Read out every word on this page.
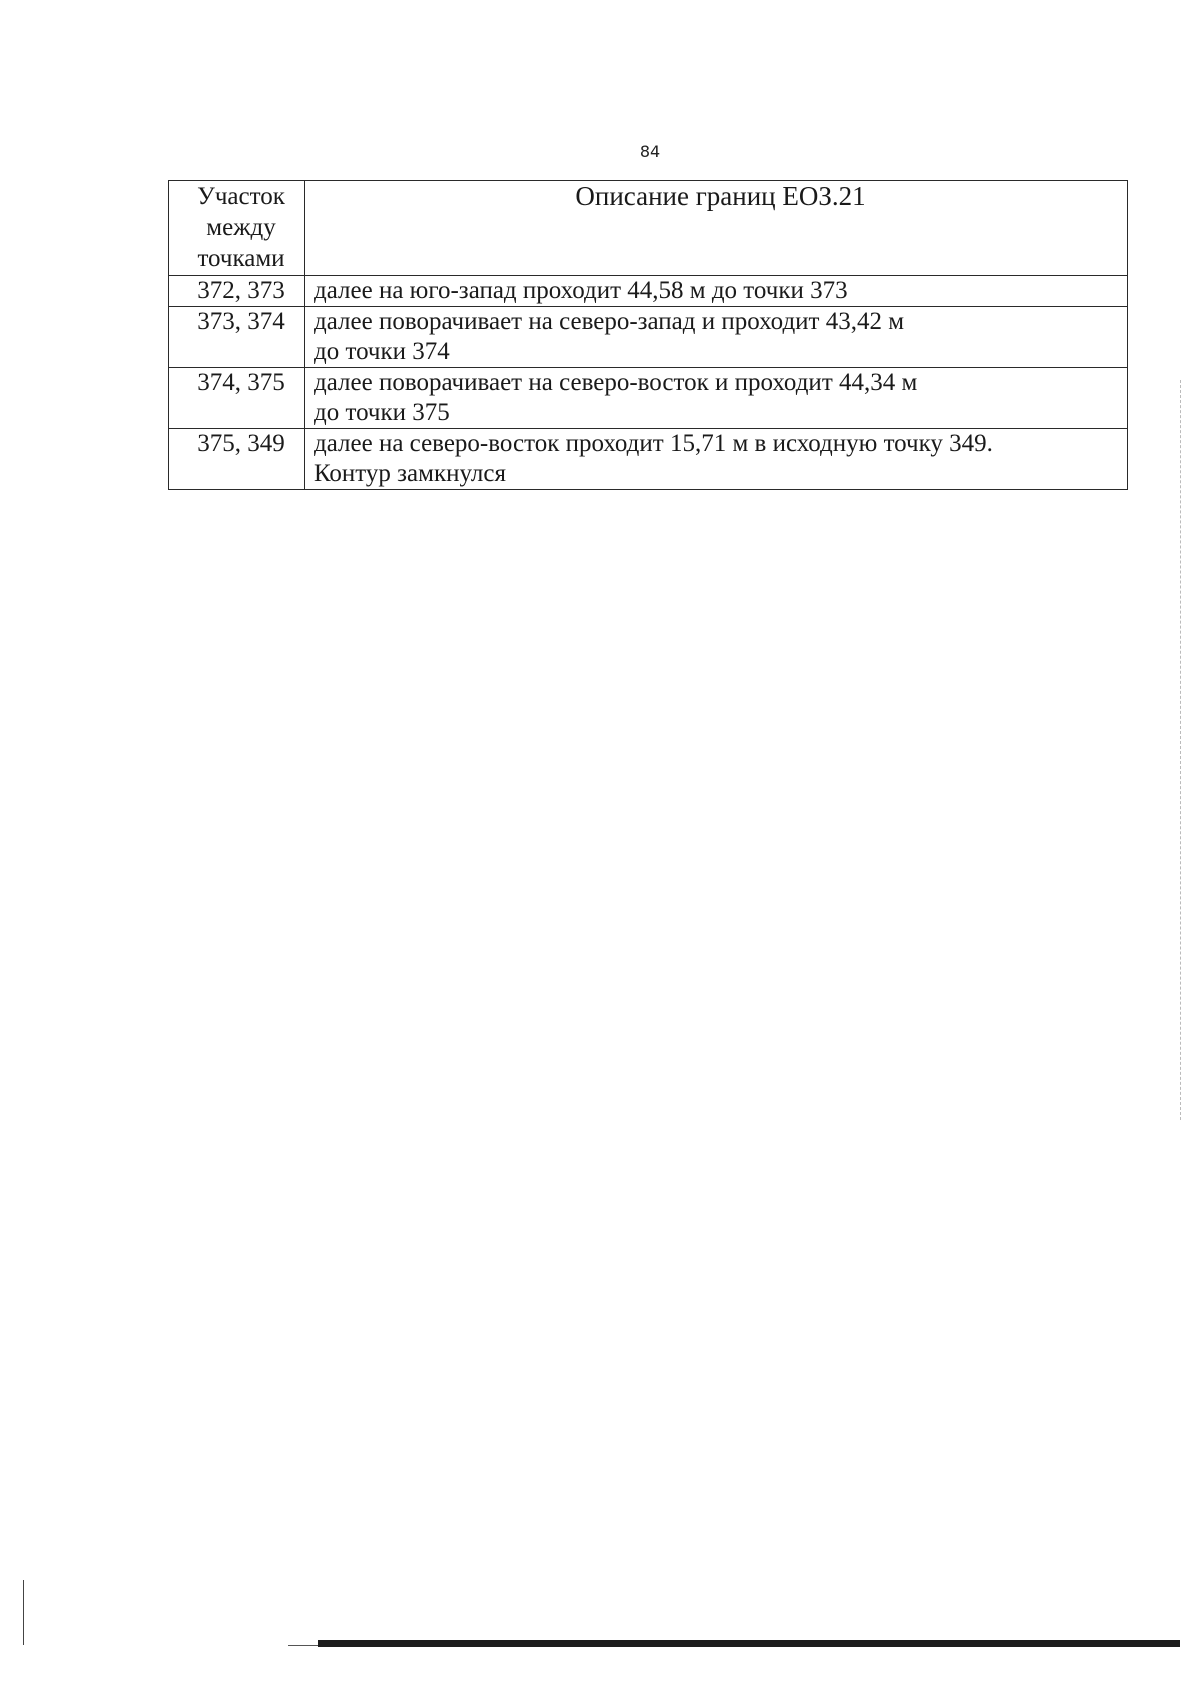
84
Участок
между
точками	Описание границ ЕОЗ.21
372, 373	далее на юго-запад проходит 44,58 м до точки 373

373, 374	далее поворачивает на северо-запад и проходит 43,42 м
до точки 374

374, 375	далее поворачивает на северо-восток и проходит 44,34 м
до точки 375

375, 349	далее на северо-восток проходит 15,71 м в исходную точку 349.
Контур замкнулся
